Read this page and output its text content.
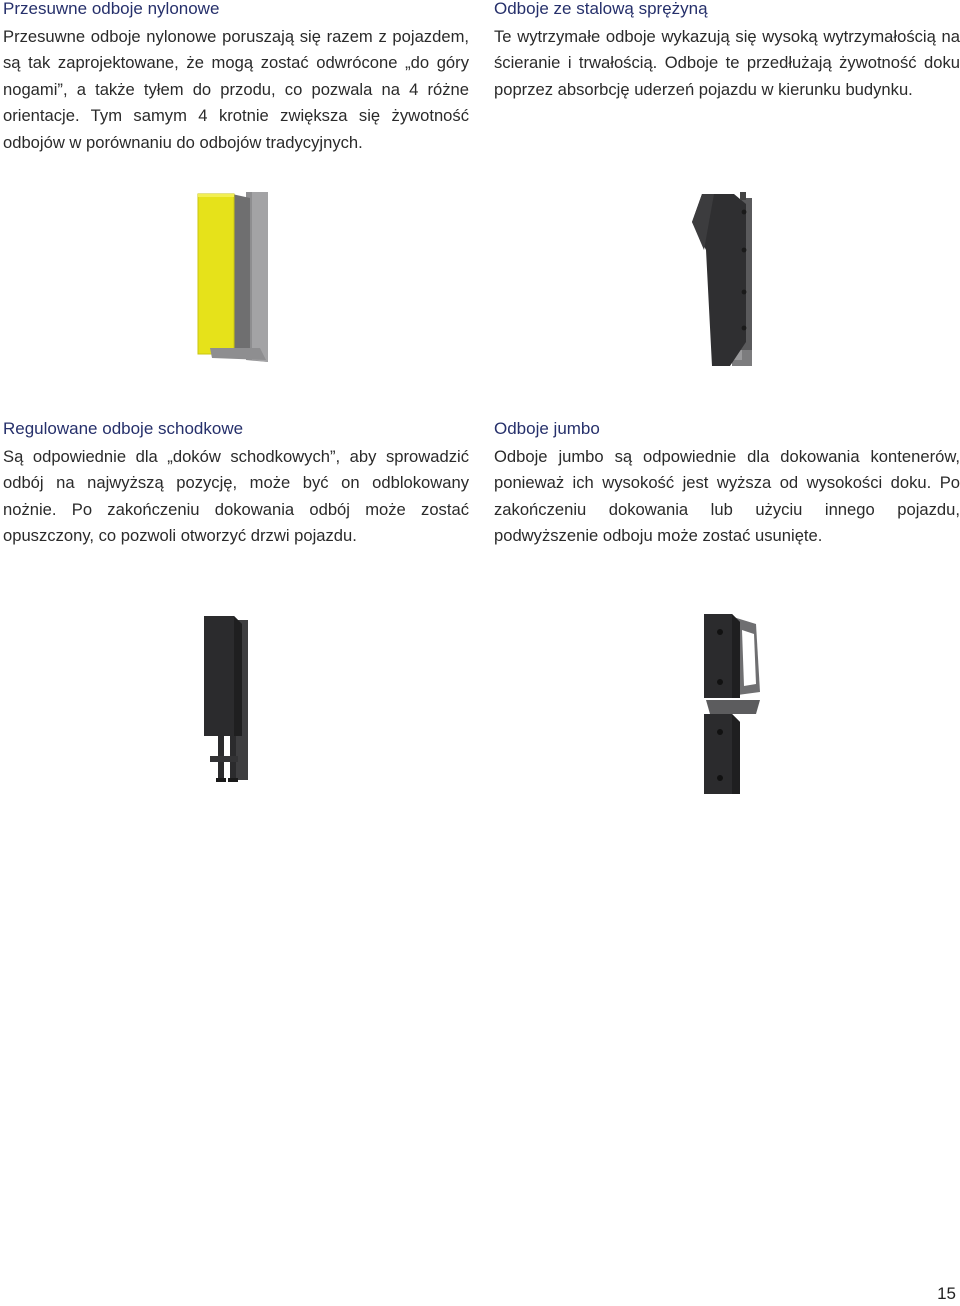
Przesuwne odboje nylonowe

Przesuwne odboje nylonowe poruszają się razem z pojazdem, są tak zaprojektowane, że mogą zostać odwrócone „do góry nogami”, a także tyłem do przodu, co pozwala na 4 różne orientacje. Tym samym 4 krotnie zwiększa się żywotność odbojów w porównaniu do odbojów tradycyjnych.

Odboje ze stalową sprężyną

Te wytrzymałe odboje wykazują się wysoką wytrzymałością na ścieranie i trwałością. Odboje te przedłużają żywotność doku poprzez absorbcję uderzeń pojazdu w kierunku budynku.

Regulowane odboje schodkowe

Są odpowiednie dla „doków schodkowych”, aby sprowadzić odbój na najwyższą pozycję, może być on odblokowany nożnie. Po zakończeniu dokowania odbój może zostać opuszczony, co pozwoli otworzyć drzwi pojazdu.

Odboje jumbo

Odboje jumbo są odpowiednie dla dokowania kontenerów, ponieważ ich wysokość jest wyższa od wysokości doku. Po zakończeniu dokowania lub użyciu innego pojazdu, podwyższenie odboju może zostać usunięte.

15
